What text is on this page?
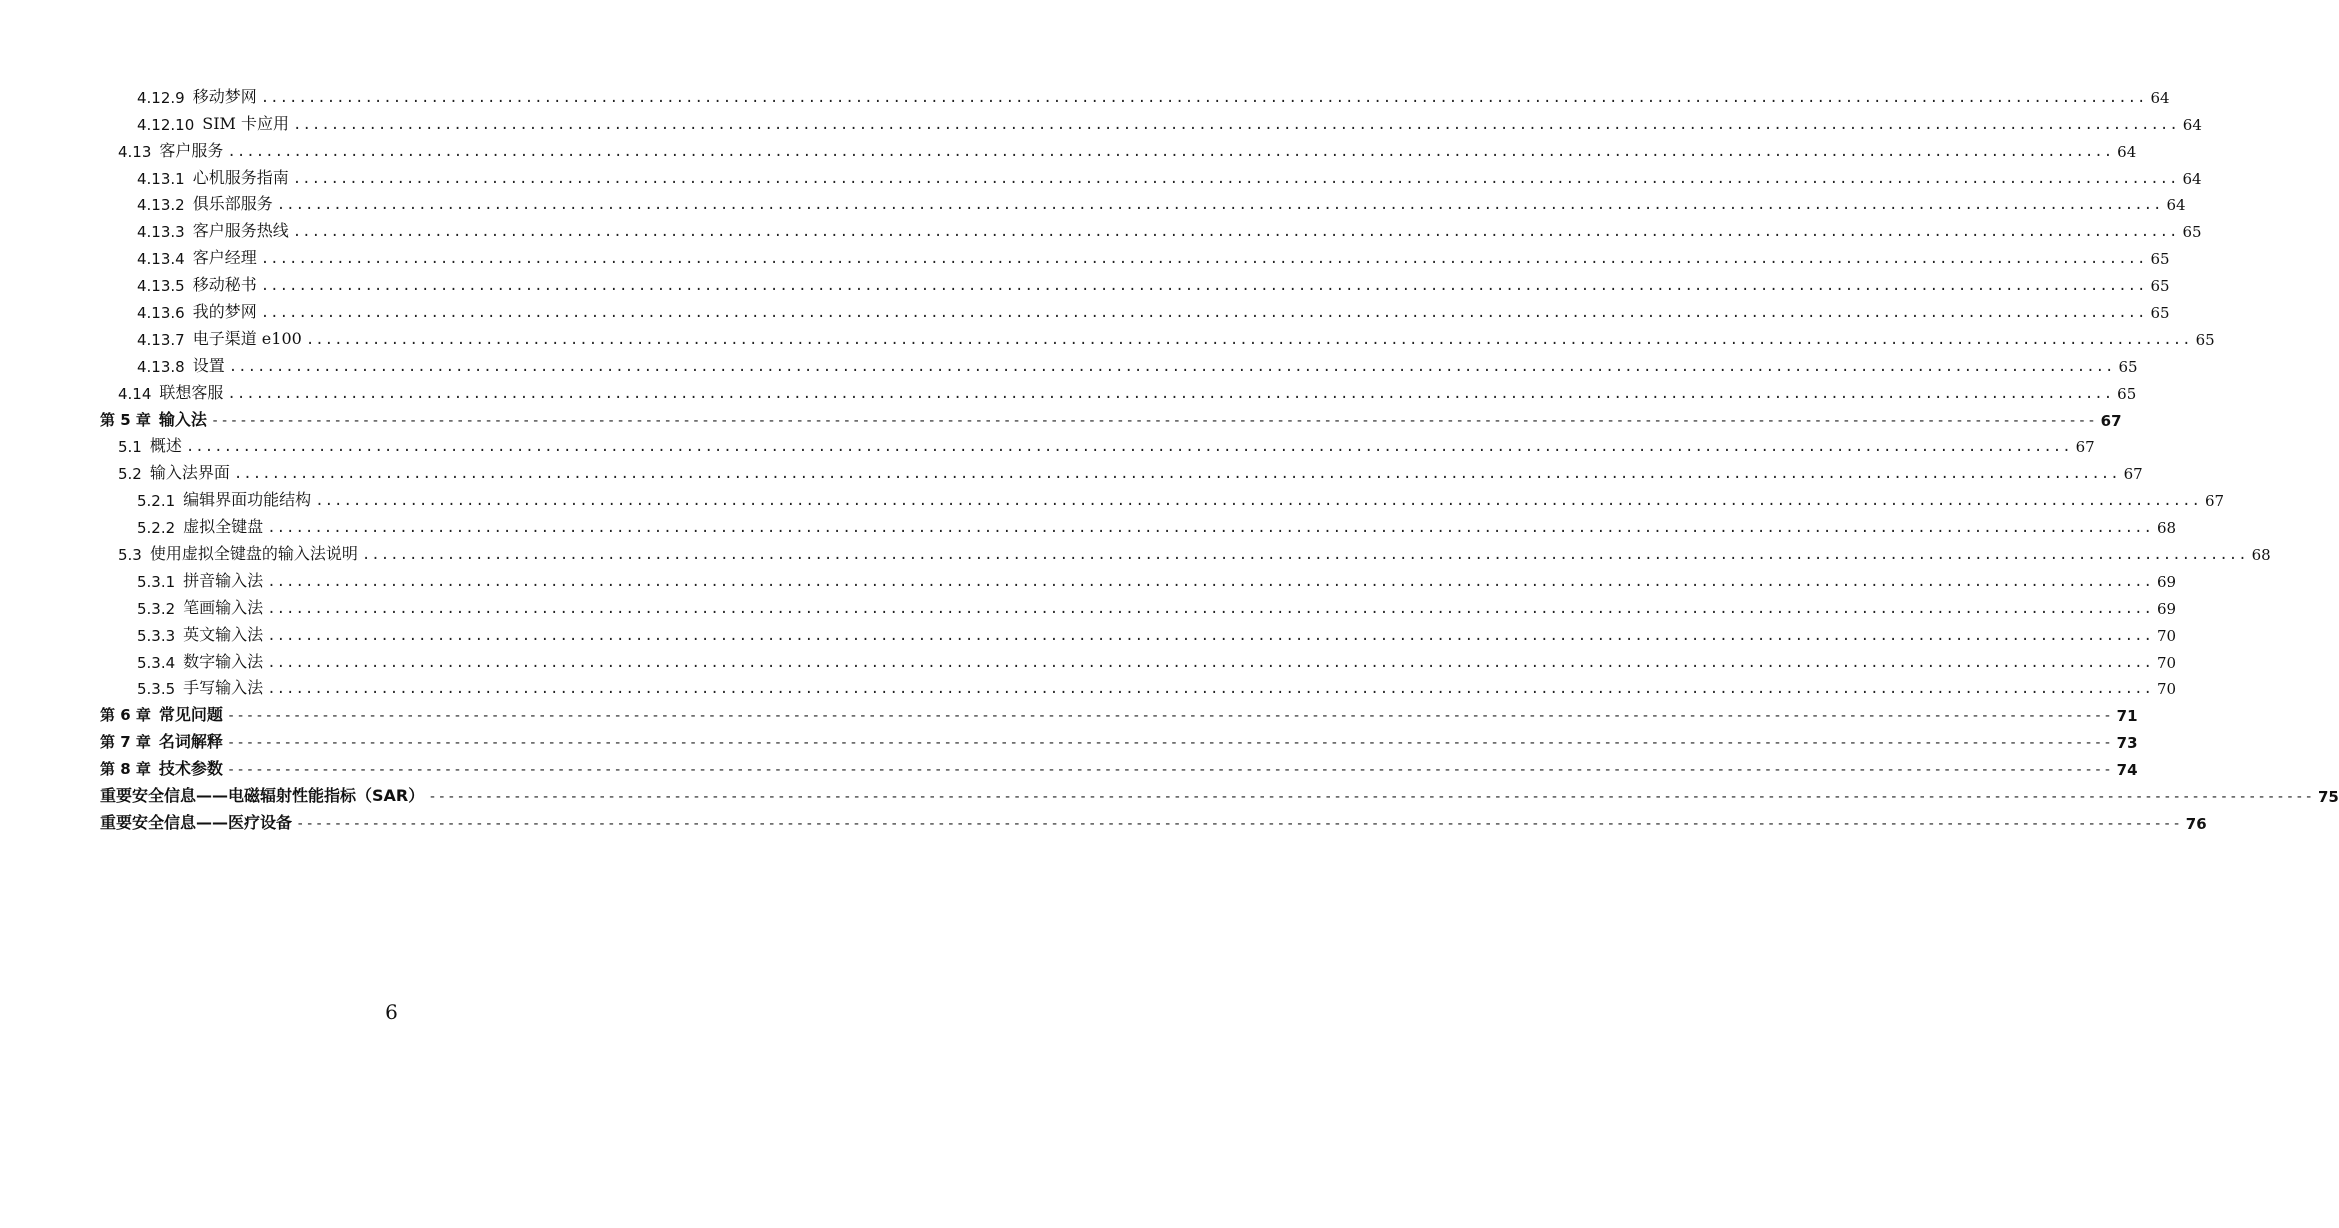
4.12.9 移动梦网 ........................................................................................................................................................................................................ 64
4.12.10 SIM 卡应用 ........................................................................................................................................................................................................ 64
4.13 客户服务 ........................................................................................................................................................................................................ 64
4.13.1 心机服务指南 ........................................................................................................................................................................................................ 64
4.13.2 俱乐部服务 ........................................................................................................................................................................................................ 64
4.13.3 客户服务热线 ........................................................................................................................................................................................................ 65
4.13.4 客户经理 ........................................................................................................................................................................................................ 65
4.13.5 移动秘书 ........................................................................................................................................................................................................ 65
4.13.6 我的梦网 ........................................................................................................................................................................................................ 65
4.13.7 电子渠道 e100 ........................................................................................................................................................................................................ 65
4.13.8 设置 ........................................................................................................................................................................................................ 65
4.14 联想客服 ........................................................................................................................................................................................................ 65
第 5 章 输入法 -------------------------------------------------------------------------------------------------------------------------------------------------------------------------------------------------------- 67
5.1 概述 ........................................................................................................................................................................................................ 67
5.2 输入法界面 ........................................................................................................................................................................................................ 67
5.2.1 编辑界面功能结构 ........................................................................................................................................................................................................ 67
5.2.2 虚拟全键盘 ........................................................................................................................................................................................................ 68
5.3 使用虚拟全键盘的输入法说明 ........................................................................................................................................................................................................ 68
5.3.1 拼音输入法 ........................................................................................................................................................................................................ 69
5.3.2 笔画输入法 ........................................................................................................................................................................................................ 69
5.3.3 英文输入法 ........................................................................................................................................................................................................ 70
5.3.4 数字输入法 ........................................................................................................................................................................................................ 70
5.3.5 手写输入法 ........................................................................................................................................................................................................ 70
第 6 章 常见问题 -------------------------------------------------------------------------------------------------------------------------------------------------------------------------------------------------------- 71
第 7 章 名词解释 -------------------------------------------------------------------------------------------------------------------------------------------------------------------------------------------------------- 73
第 8 章 技术参数 -------------------------------------------------------------------------------------------------------------------------------------------------------------------------------------------------------- 74
重要安全信息——电磁辐射性能指标（SAR） -------------------------------------------------------------------------------------------------------------------------------------------------------------------------------------------------------- 75
重要安全信息——医疗设备 -------------------------------------------------------------------------------------------------------------------------------------------------------------------------------------------------------- 76
6
